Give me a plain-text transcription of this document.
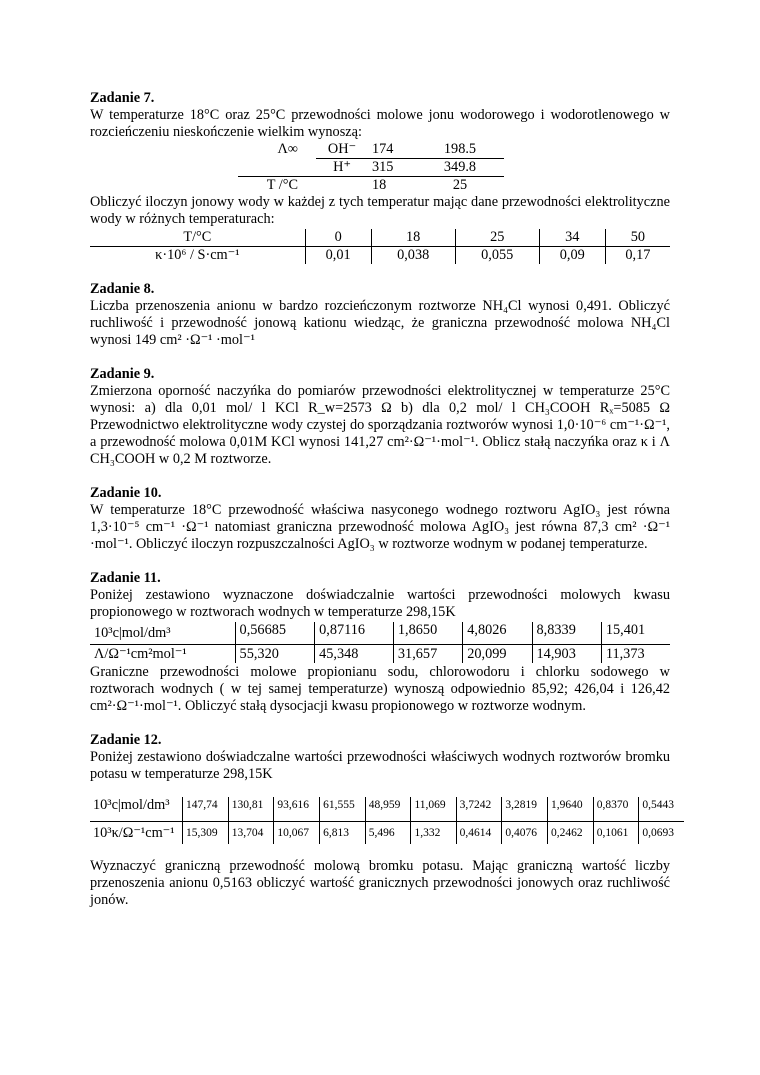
Zadanie 7.

W temperaturze 18°C oraz 25°C przewodności molowe jonu wodorowego i wodorotlenowego w rozcieńczeniu nieskończenie wielkim wynoszą:

Λ∞	OH⁻	174	198.5
	H⁺	315	349.8
T /°C		18	25

Obliczyć iloczyn jonowy wody w każdej z tych temperatur mając dane przewodności elektrolityczne wody w różnych temperaturach:

T/°C	0	18	25	34	50
κ·10⁶ / S·cm⁻¹	0,01	0,038	0,055	0,09	0,17
Zadanie 8.

Liczba przenoszenia anionu w bardzo rozcieńczonym roztworze NH₄Cl wynosi 0,491. Obliczyć ruchliwość i przewodność jonową kationu wiedząc, że graniczna przewodność molowa NH₄Cl wynosi 149 cm² ·Ω⁻¹ ·mol⁻¹

Zadanie 9.

Zmierzona oporność naczyńka do pomiarów przewodności elektrolitycznej w temperaturze 25°C wynosi: a) dla 0,01 mol/ l KCl R_w=2573 Ω b) dla 0,2 mol/ l CH₃COOH Rₓ=5085 Ω Przewodnictwo elektrolityczne wody czystej do sporządzania roztworów wynosi 1,0·10⁻⁶ cm⁻¹·Ω⁻¹, a przewodność molowa 0,01M KCl wynosi 141,27 cm²·Ω⁻¹·mol⁻¹. Oblicz stałą naczyńka oraz κ i Λ CH₃COOH w 0,2 M roztworze.

Zadanie 10.

W temperaturze 18°C przewodność właściwa nasyconego wodnego roztworu AgIO₃ jest równa 1,3·10⁻⁵ cm⁻¹ ·Ω⁻¹ natomiast graniczna przewodność molowa AgIO₃ jest równa 87,3 cm² ·Ω⁻¹ ·mol⁻¹. Obliczyć iloczyn rozpuszczalności AgIO₃ w roztworze wodnym w podanej temperaturze.

Zadanie 11.

Poniżej zestawiono wyznaczone doświadczalnie wartości przewodności molowych kwasu propionowego w roztworach wodnych w temperaturze 298,15K

10³c|mol/dm³	0,56685	0,87116	1,8650	4,8026	8,8339	15,401
Λ/Ω⁻¹cm²mol⁻¹	55,320	45,348	31,657	20,099	14,903	11,373

Graniczne przewodności molowe propionianu sodu, chlorowodoru i chlorku sodowego w roztworach wodnych ( w tej samej temperaturze) wynoszą odpowiednio 85,92; 426,04 i 126,42 cm²·Ω⁻¹·mol⁻¹. Obliczyć stałą dysocjacji kwasu propionowego w roztworze wodnym.

Zadanie 12.

Poniżej zestawiono doświadczalne wartości przewodności właściwych wodnych roztworów bromku potasu w temperaturze 298,15K

10³c|mol/dm³	147,74	130,81	93,616	61,555	48,959	11,069	3,7242	3,2819	1,9640	0,8370	0,5443
10³κ/Ω⁻¹cm⁻¹	15,309	13,704	10,067	6,813	5,496	1,332	0,4614	0,4076	0,2462	0,1061	0,0693

Wyznaczyć graniczną przewodność molową bromku potasu. Mając graniczną wartość liczby przenoszenia anionu 0,5163 obliczyć wartość granicznych przewodności jonowych oraz ruchliwość jonów.
